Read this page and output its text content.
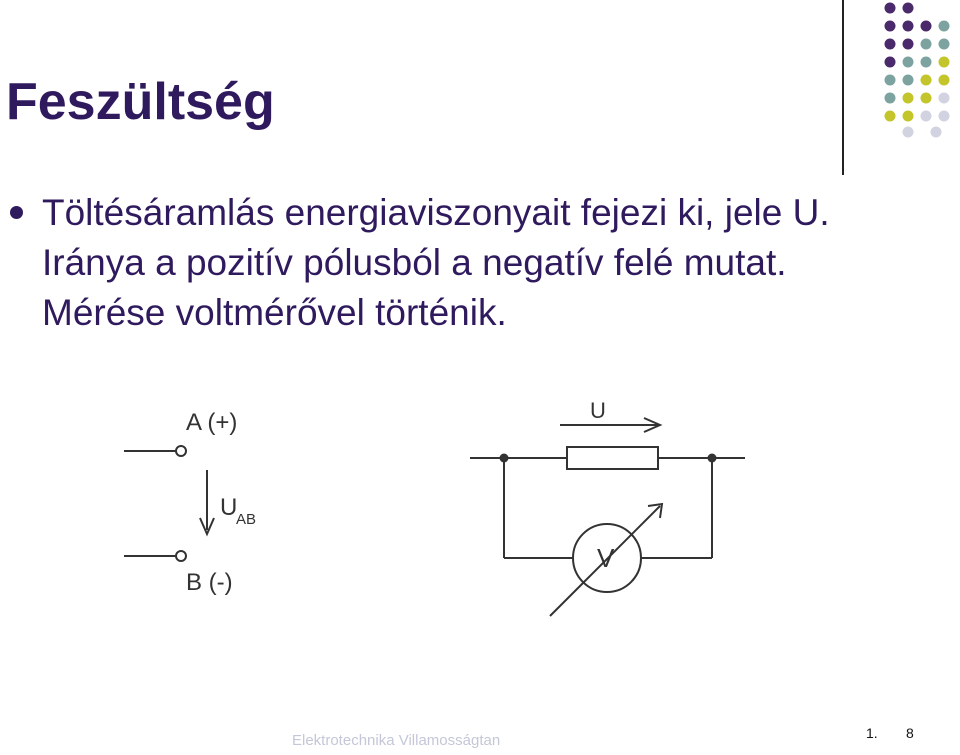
Feszültség
Töltésáramlás energiaviszonyait fejezi ki, jele U. Iránya a pozitív pólusból a negatív felé mutat. Mérése voltmérővel történik.
A (+)
U
AB
B (-)
U
V
Elektrotechnika Villamosságtan	1. 8
